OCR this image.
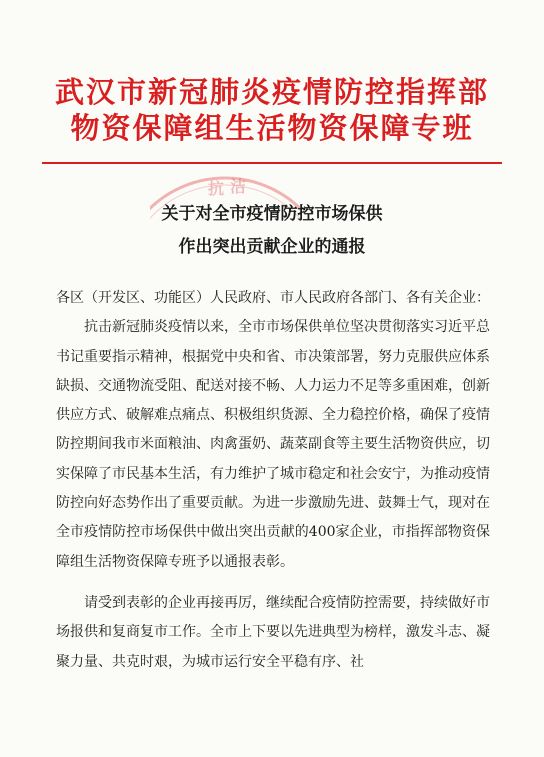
武汉市新冠肺炎疫情防控指挥部
物资保障组生活物资保障专班
抗 洁
关于对全市疫情防控市场保供
作出突出贡献企业的通报

各区（开发区、功能区）人民政府、市人民政府各部门、各有关企业：

抗击新冠肺炎疫情以来，全市市场保供单位坚决贯彻落实习近平总书记重要指示精神，根据党中央和省、市决策部署，努力克服供应体系缺损、交通物流受阻、配送对接不畅、人力运力不足等多重困难，创新供应方式、破解难点痛点、积极组织货源、全力稳控价格，确保了疫情防控期间我市米面粮油、肉禽蛋奶、蔬菜副食等主要生活物资供应，切实保障了市民基本生活，有力维护了城市稳定和社会安宁，为推动疫情防控向好态势作出了重要贡献。为进一步激励先进、鼓舞士气，现对在全市疫情防控市场保供中做出突出贡献的400家企业，市指挥部物资保障组生活物资保障专班予以通报表彰。

请受到表彰的企业再接再厉，继续配合疫情防控需要，持续做好市场报供和复商复市工作。全市上下要以先进典型为榜样，激发斗志、凝聚力量、共克时艰，为城市运行安全平稳有序、社
